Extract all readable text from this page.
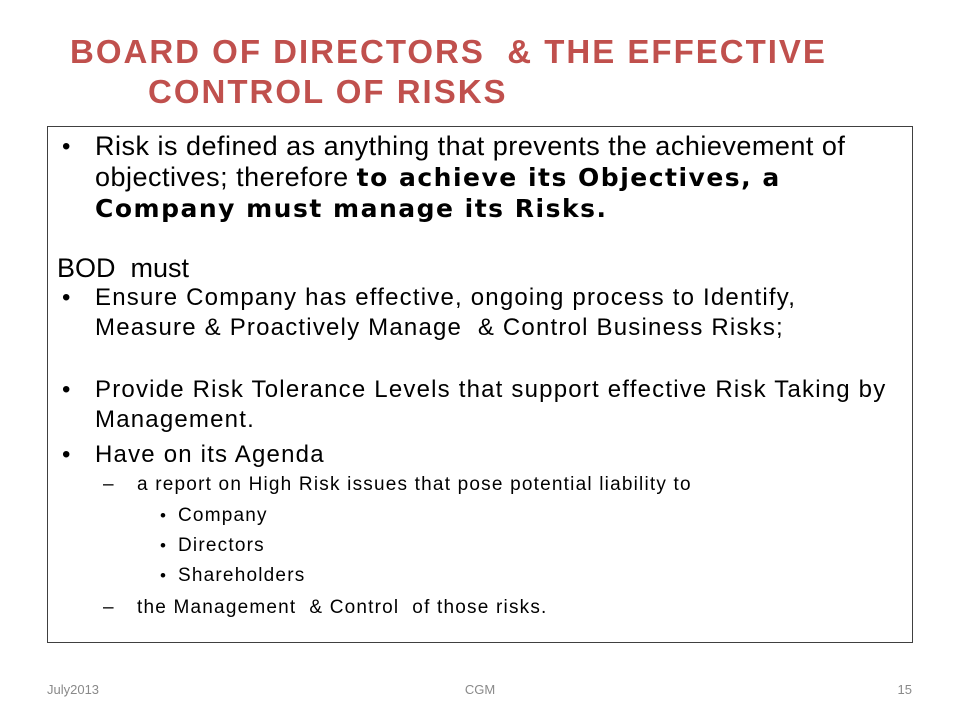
BOARD OF DIRECTORS  & THE EFFECTIVE
CONTROL OF RISKS

• Risk is defined as anything that prevents the achievement of objectives; therefore to achieve its Objectives, a Company must manage its Risks.

BOD  must

• Ensure Company has effective, ongoing process to Identify, Measure & Proactively Manage  & Control Business Risks;

• Provide Risk Tolerance Levels that support effective Risk Taking by Management.

• Have on its Agenda

– a report on High Risk issues that pose potential liability to

• Company

• Directors

• Shareholders

– the Management  & Control  of those risks.

July2013	CGM	15
